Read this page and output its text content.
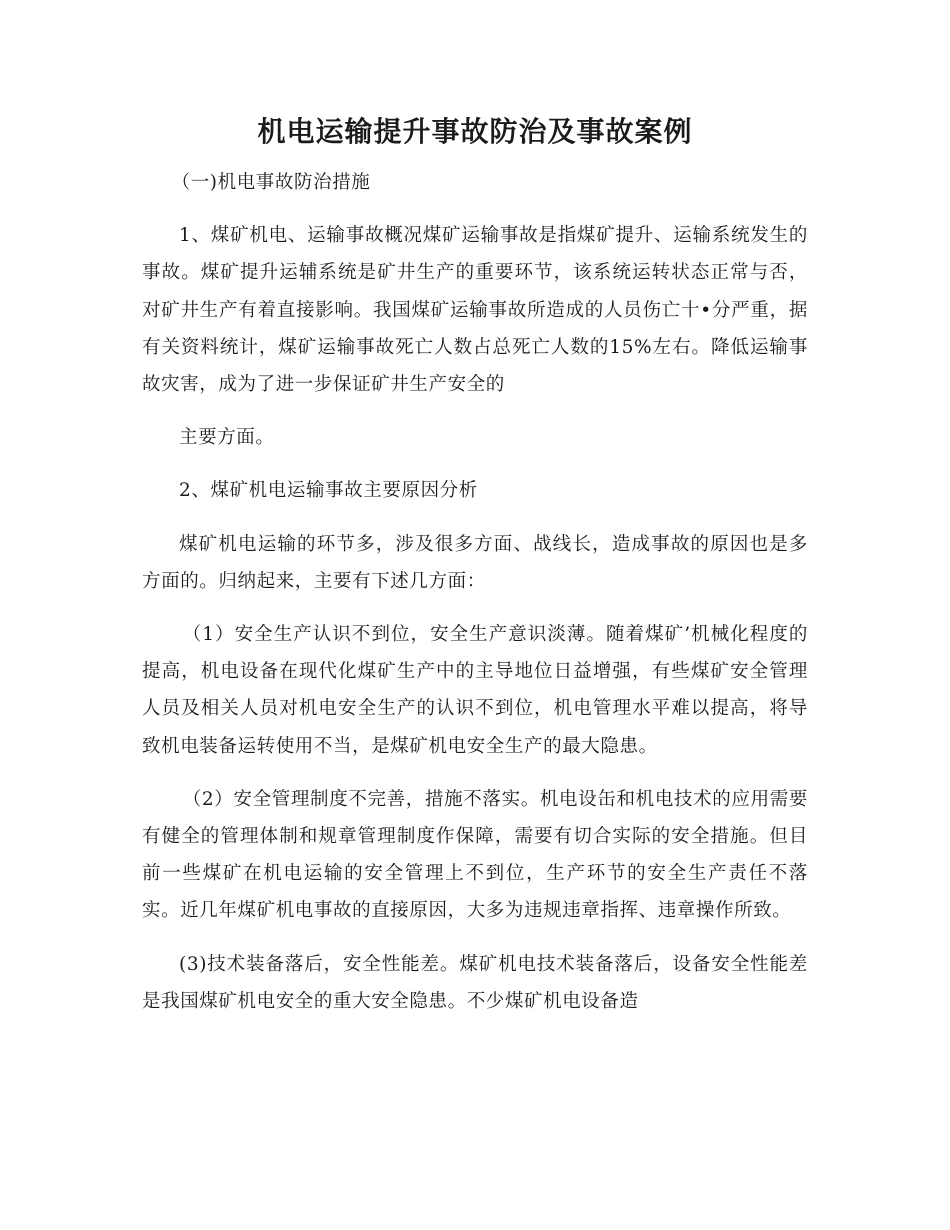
机电运输提升事故防治及事故案例

（一)机电事故防治措施

1、煤矿机电、运输事故概况煤矿运输事故是指煤矿提升、运输系统发生的事故。煤矿提升运辅系统是矿井生产的重要环节，该系统运转状态正常与否，对矿井生产有着直接影响。我国煤矿运输事故所造成的人员伤亡十•分严重，据有关资料统计，煤矿运输事故死亡人数占总死亡人数的15%左右。降低运输事故灾害，成为了进一步保证矿井生产安全的

主要方面。

2、煤矿机电运输事故主要原因分析

煤矿机电运输的环节多，涉及很多方面、战线长，造成事故的原因也是多方面的。归纳起来，主要有下述几方面：

（1）安全生产认识不到位，安全生产意识淡薄。随着煤矿’机械化程度的提高，机电设备在现代化煤矿生产中的主导地位日益增强，有些煤矿安全管理人员及相关人员对机电安全生产的认识不到位，机电管理水平难以提高，将导致机电装备运转使用不当，是煤矿机电安全生产的最大隐患。

（2）安全管理制度不完善，措施不落实。机电设缶和机电技术的应用需要有健全的管理体制和规章管理制度作保障，需要有切合实际的安全措施。但目前一些煤矿在机电运输的安全管理上不到位，生产环节的安全生产责任不落实。近几年煤矿机电事故的直接原因，大多为违规违章指挥、违章操作所致。

(3)技术装备落后，安全性能差。煤矿机电技术装备落后，设备安全性能差是我国煤矿机电安全的重大安全隐患。不少煤矿机电设备造
